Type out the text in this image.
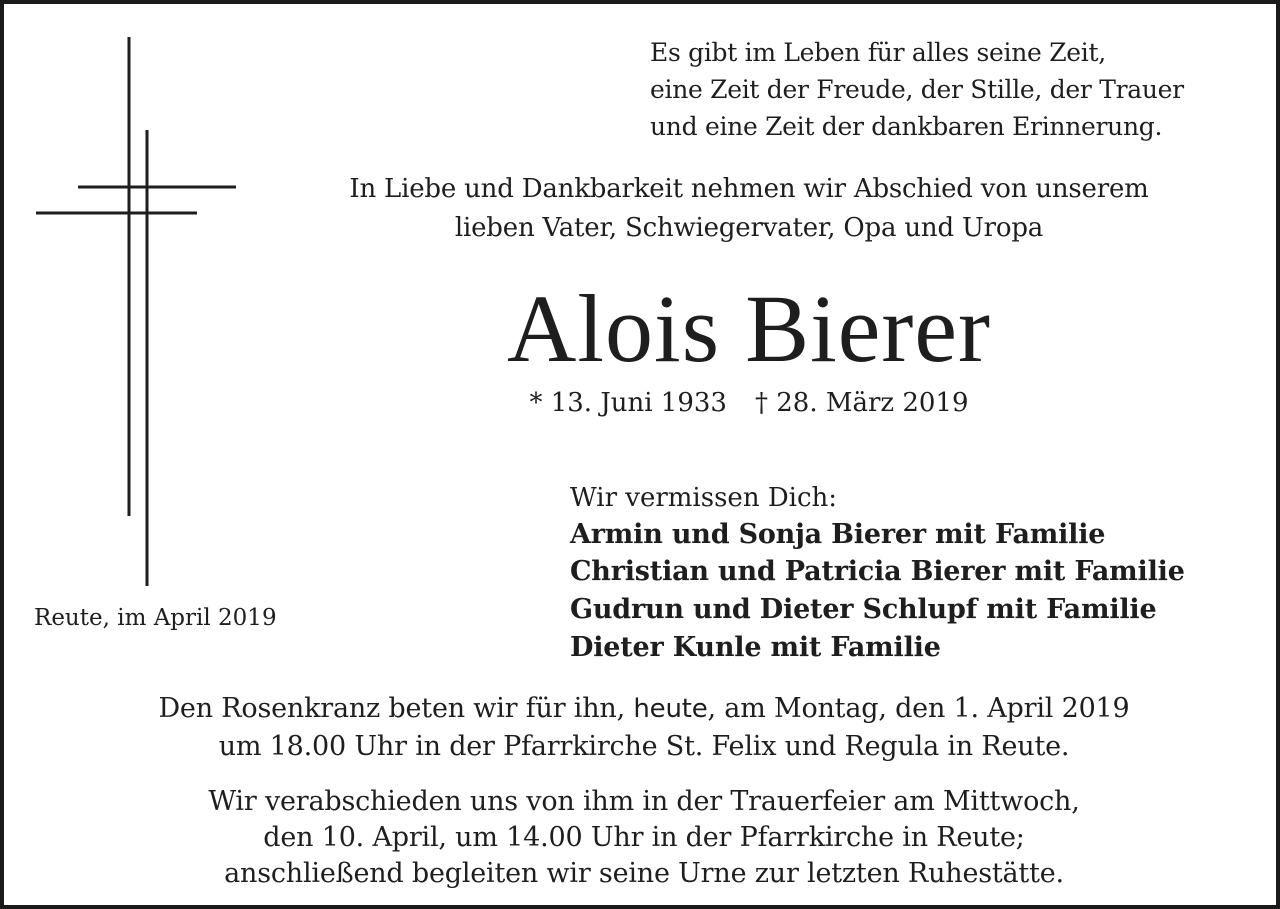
Es gibt im Leben für alles seine Zeit,
eine Zeit der Freude, der Stille, der Trauer
und eine Zeit der dankbaren Erinnerung.
In Liebe und Dankbarkeit nehmen wir Abschied von unserem
lieben Vater, Schwiegervater, Opa und Uropa
Alois Bierer
* 13. Juni 1933 † 28. März 2019
Wir vermissen Dich:
Armin und Sonja Bierer mit Familie
Christian und Patricia Bierer mit Familie
Gudrun und Dieter Schlupf mit Familie
Dieter Kunle mit Familie
Reute, im April 2019
Den Rosenkranz beten wir für ihn, heute, am Montag, den 1. April 2019
um 18.00 Uhr in der Pfarrkirche St. Felix und Regula in Reute.
Wir verabschieden uns von ihm in der Trauerfeier am Mittwoch,
den 10. April, um 14.00 Uhr in der Pfarrkirche in Reute;
anschließend begleiten wir seine Urne zur letzten Ruhestätte.
